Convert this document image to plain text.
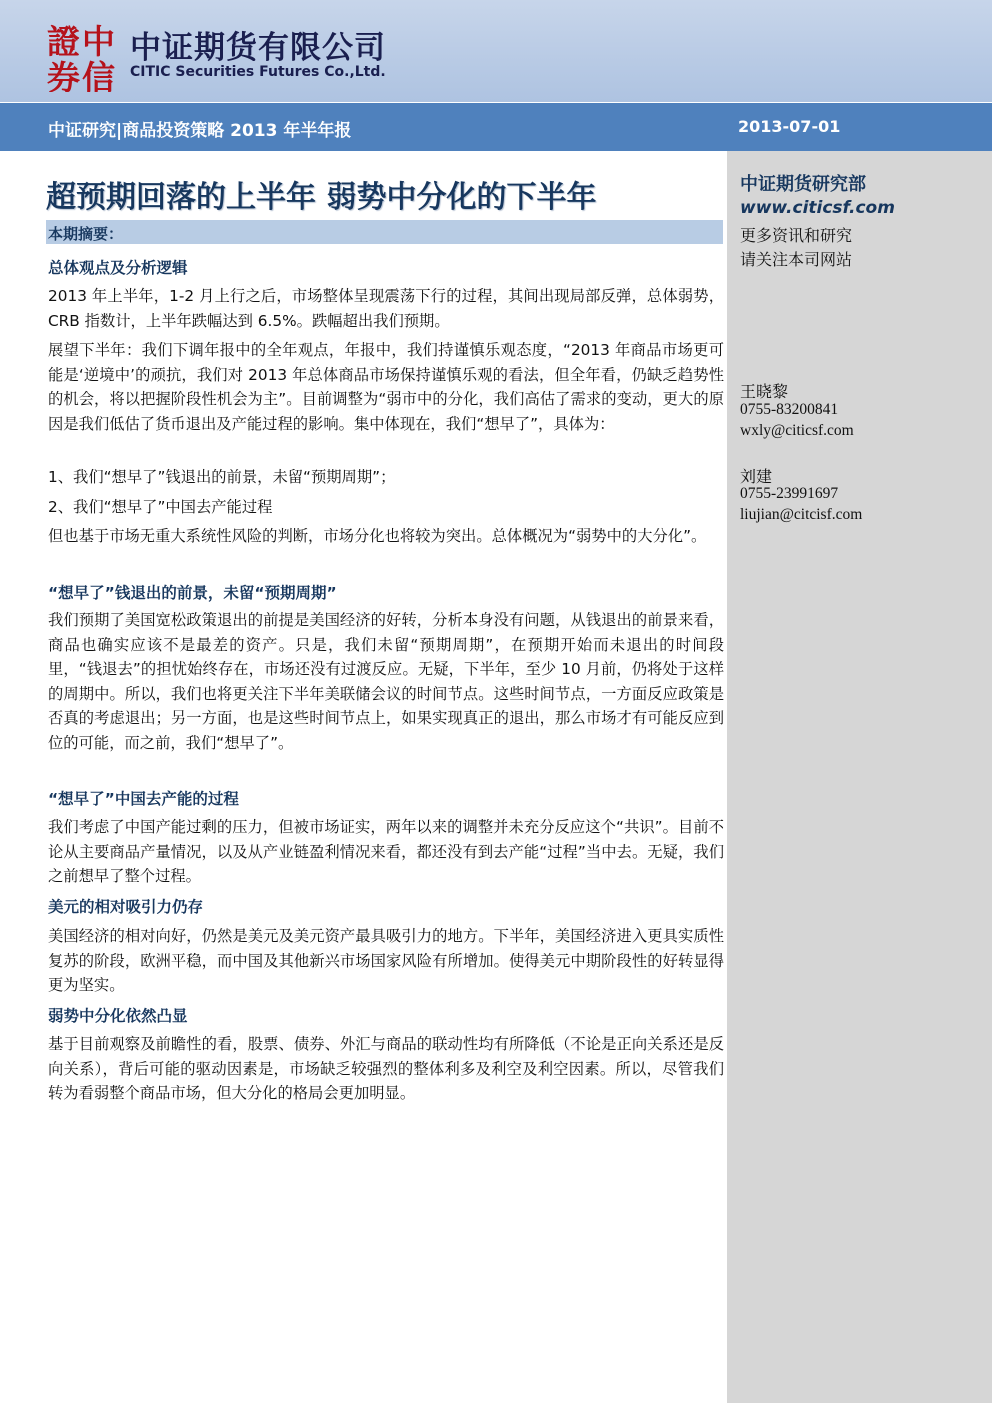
證 中
券 信
中证期货有限公司
CITIC Securities Futures Co.,Ltd.
中证研究|商品投资策略 2013 年半年报	2013-07-01
超预期回落的上半年 弱势中分化的下半年
本期摘要：
总体观点及分析逻辑

2013 年上半年，1-2 月上行之后，市场整体呈现震荡下行的过程，其间出现局部反弹，总体弱势，CRB 指数计，上半年跌幅达到 6.5%。跌幅超出我们预期。

展望下半年：我们下调年报中的全年观点，年报中，我们持谨慎乐观态度，“2013 年商品市场更可能是‘逆境中’的顽抗，我们对 2013 年总体商品市场保持谨慎乐观的看法，但全年看，仍缺乏趋势性的机会，将以把握阶段性机会为主”。目前调整为“弱市中的分化，我们高估了需求的变动，更大的原因是我们低估了货币退出及产能过程的影响。集中体现在，我们“想早了”，具体为：

1、我们“想早了”钱退出的前景，未留“预期周期”；

2、我们“想早了”中国去产能过程

但也基于市场无重大系统性风险的判断，市场分化也将较为突出。总体概况为“弱势中的大分化”。

“想早了”钱退出的前景，未留“预期周期”

我们预期了美国宽松政策退出的前提是美国经济的好转，分析本身没有问题，从钱退出的前景来看，商品也确实应该不是最差的资产。只是，我们未留“预期周期”，在预期开始而未退出的时间段里，“钱退去”的担忧始终存在，市场还没有过渡反应。无疑，下半年，至少 10 月前，仍将处于这样的周期中。所以，我们也将更关注下半年美联储会议的时间节点。这些时间节点，一方面反应政策是否真的考虑退出；另一方面，也是这些时间节点上，如果实现真正的退出，那么市场才有可能反应到位的可能，而之前，我们“想早了”。

“想早了”中国去产能的过程

我们考虑了中国产能过剩的压力，但被市场证实，两年以来的调整并未充分反应这个“共识”。目前不论从主要商品产量情况，以及从产业链盈利情况来看，都还没有到去产能“过程”当中去。无疑，我们之前想早了整个过程。

美元的相对吸引力仍存

美国经济的相对向好，仍然是美元及美元资产最具吸引力的地方。下半年，美国经济进入更具实质性复苏的阶段，欧洲平稳，而中国及其他新兴市场国家风险有所增加。使得美元中期阶段性的好转显得更为坚实。

弱势中分化依然凸显

基于目前观察及前瞻性的看，股票、债券、外汇与商品的联动性均有所降低（不论是正向关系还是反向关系），背后可能的驱动因素是，市场缺乏较强烈的整体利多及利空及利空因素。所以，尽管我们转为看弱整个商品市场，但大分化的格局会更加明显。

中证期货研究部
www.citicsf.com
更多资讯和研究
请关注本司网站
王晓黎
0755-83200841
wxly@citicsf.com
刘建
0755-23991697
liujian@citcisf.com
